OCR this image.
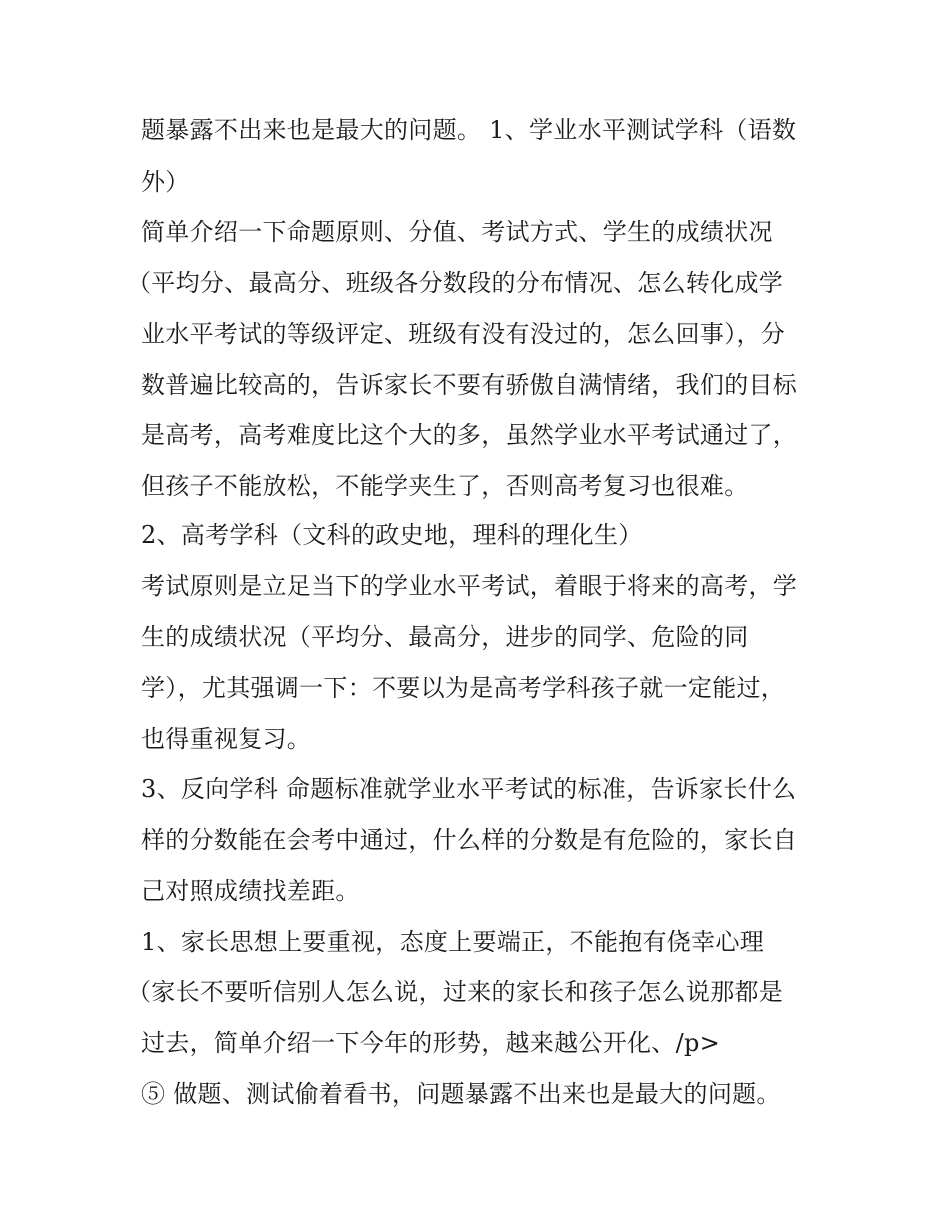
题暴露不出来也是最大的问题。 1、学业水平测试学科（语数
外）
简单介绍一下命题原则、分值、考试方式、学生的成绩状况
（平均分、最高分、班级各分数段的分布情况、怎么转化成学
业水平考试的等级评定、班级有没有没过的，怎么回事），分
数普遍比较高的，告诉家长不要有骄傲自满情绪，我们的目标
是高考，高考难度比这个大的多，虽然学业水平考试通过了，
但孩子不能放松，不能学夹生了，否则高考复习也很难。
2、高考学科（文科的政史地，理科的理化生）
考试原则是立足当下的学业水平考试，着眼于将来的高考，学
生的成绩状况（平均分、最高分，进步的同学、危险的同
学），尤其强调一下：不要以为是高考学科孩子就一定能过，
也得重视复习。
3、反向学科 命题标准就学业水平考试的标准，告诉家长什么
样的分数能在会考中通过，什么样的分数是有危险的，家长自
己对照成绩找差距。
1、家长思想上要重视，态度上要端正，不能抱有侥幸心理
（家长不要听信别人怎么说，过来的家长和孩子怎么说那都是
过去，简单介绍一下今年的形势，越来越公开化、/p>
⑤ 做题、测试偷着看书，问题暴露不出来也是最大的问题。
